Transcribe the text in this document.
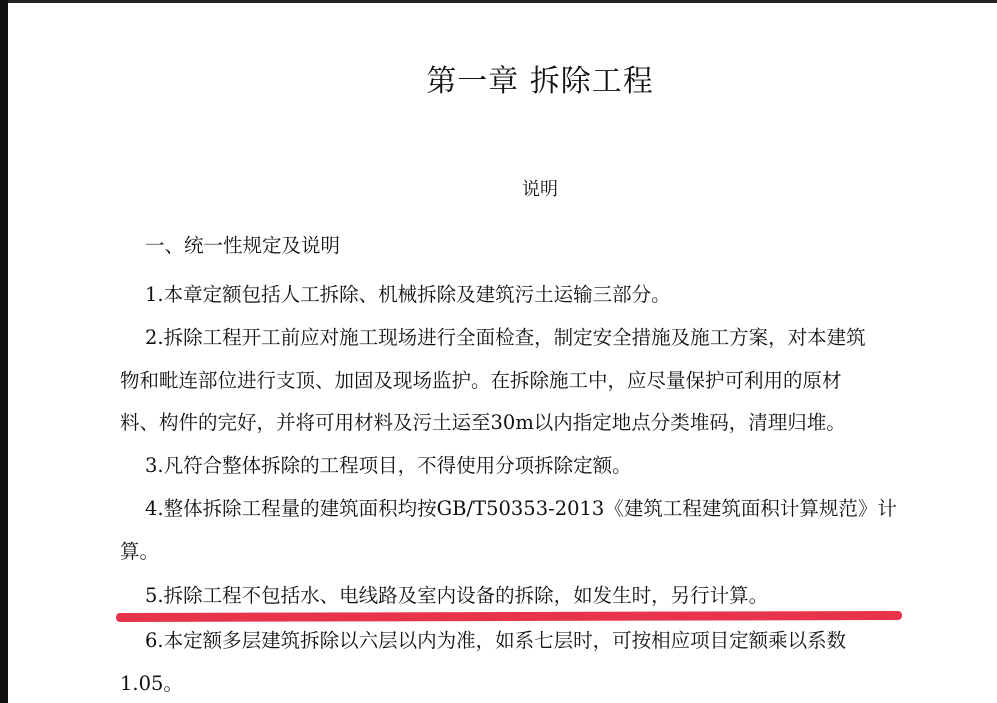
第一章 拆除工程
说明
一、统一性规定及说明
1.本章定额包括人工拆除、机械拆除及建筑污土运输三部分。
2.拆除工程开工前应对施工现场进行全面检查，制定安全措施及施工方案，对本建筑
物和毗连部位进行支顶、加固及现场监护。在拆除施工中，应尽量保护可利用的原材
料、构件的完好，并将可用材料及污土运至30m以内指定地点分类堆码，清理归堆。
3.凡符合整体拆除的工程项目，不得使用分项拆除定额。
4.整体拆除工程量的建筑面积均按GB/T50353-2013《建筑工程建筑面积计算规范》计
算。
5.拆除工程不包括水、电线路及室内设备的拆除，如发生时，另行计算。
6.本定额多层建筑拆除以六层以内为准，如系七层时，可按相应项目定额乘以系数
1.05。
